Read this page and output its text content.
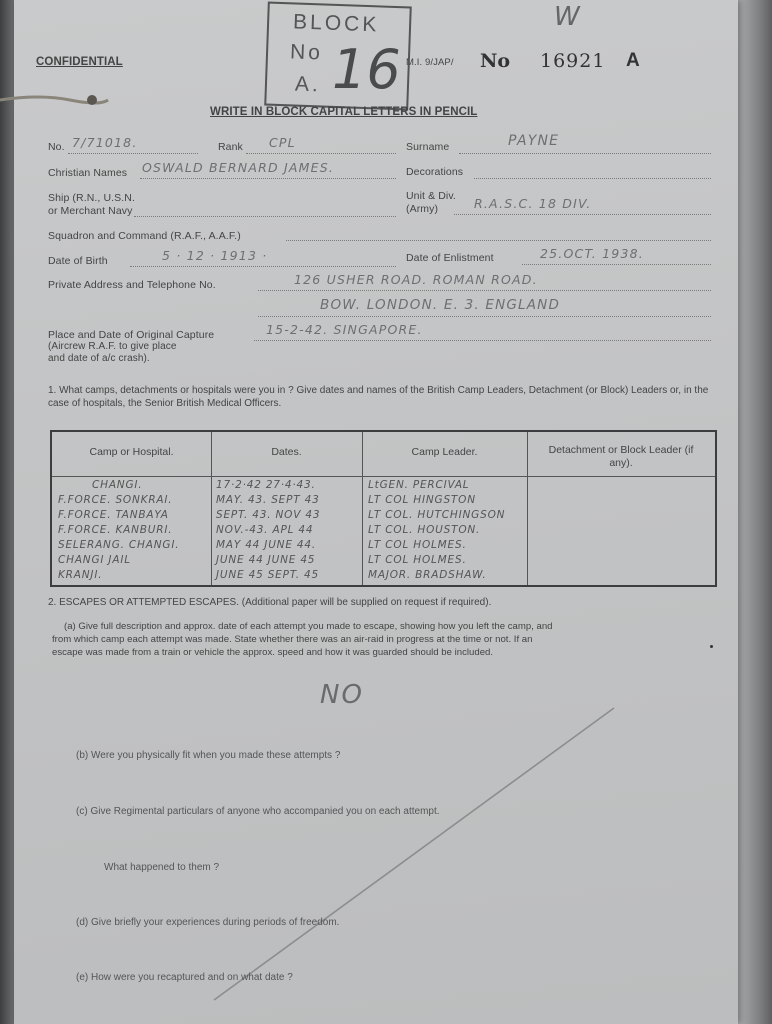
CONFIDENTIAL	M.I. 9/JAP/ No 16921 A
W
BLOCK
No
A. 16
WRITE IN BLOCK CAPITAL LETTERS IN PENCIL
No. 7/71018.	Rank CPL	Surname	PAYNE
Christian Names OSWALD BERNARD JAMES.	Decorations
Ship (R.N., U.S.N.
or Merchant Navy
Unit & Div.
(Army)	R.A.S.C. 18 DIV.
Squadron and Command (R.A.F., A.A.F.)
Date of Birth	5 · 12 · 1913 ·	Date of Enlistment	25.OCT. 1938.
Private Address and Telephone No.	126 USHER ROAD. ROMAN ROAD.
BOW. LONDON. E. 3. ENGLAND
Place and Date of Original Capture
(Aircrew R.A.F. to give place
and date of a/c crash).
15-2-42. SINGAPORE.
1. What camps, detachments or hospitals were you in ? Give dates and names of the British Camp Leaders, Detachment (or Block) Leaders or, in the case of hospitals, the Senior British Medical Officers.
Camp or Hospital.	Dates.	Camp Leader.	Detachment or Block Leader (if any).
CHANGI.	17·2·42 27·4·43.	LtGEN. PERCIVAL
F.FORCE. SONKRAI.	MAY. 43. SEPT 43	LT COL HINGSTON
F.FORCE. TANBAYA	SEPT. 43. NOV 43	LT COL. HUTCHINGSON
F.FORCE. KANBURI.	NOV.-43. APL 44	LT COL. HOUSTON.
SELERANG. CHANGI.	MAY 44 JUNE 44.	LT COL HOLMES.
CHANGI JAIL	JUNE 44 JUNE 45	LT COL HOLMES.
KRANJI.	JUNE 45 SEPT. 45	MAJOR. BRADSHAW.
2. ESCAPES OR ATTEMPTED ESCAPES. (Additional paper will be supplied on request if required).
(a) Give full description and approx. date of each attempt you made to escape, showing how you left the camp, and
from which camp each attempt was made. State whether there was an air-raid in progress at the time or not. If an
escape was made from a train or vehicle the approx. speed and how it was guarded should be included.
NO
(b) Were you physically fit when you made these attempts ?
(c) Give Regimental particulars of anyone who accompanied you on each attempt.
What happened to them ?
(d) Give briefly your experiences during periods of freedom.
(e) How were you recaptured and on what date ?
